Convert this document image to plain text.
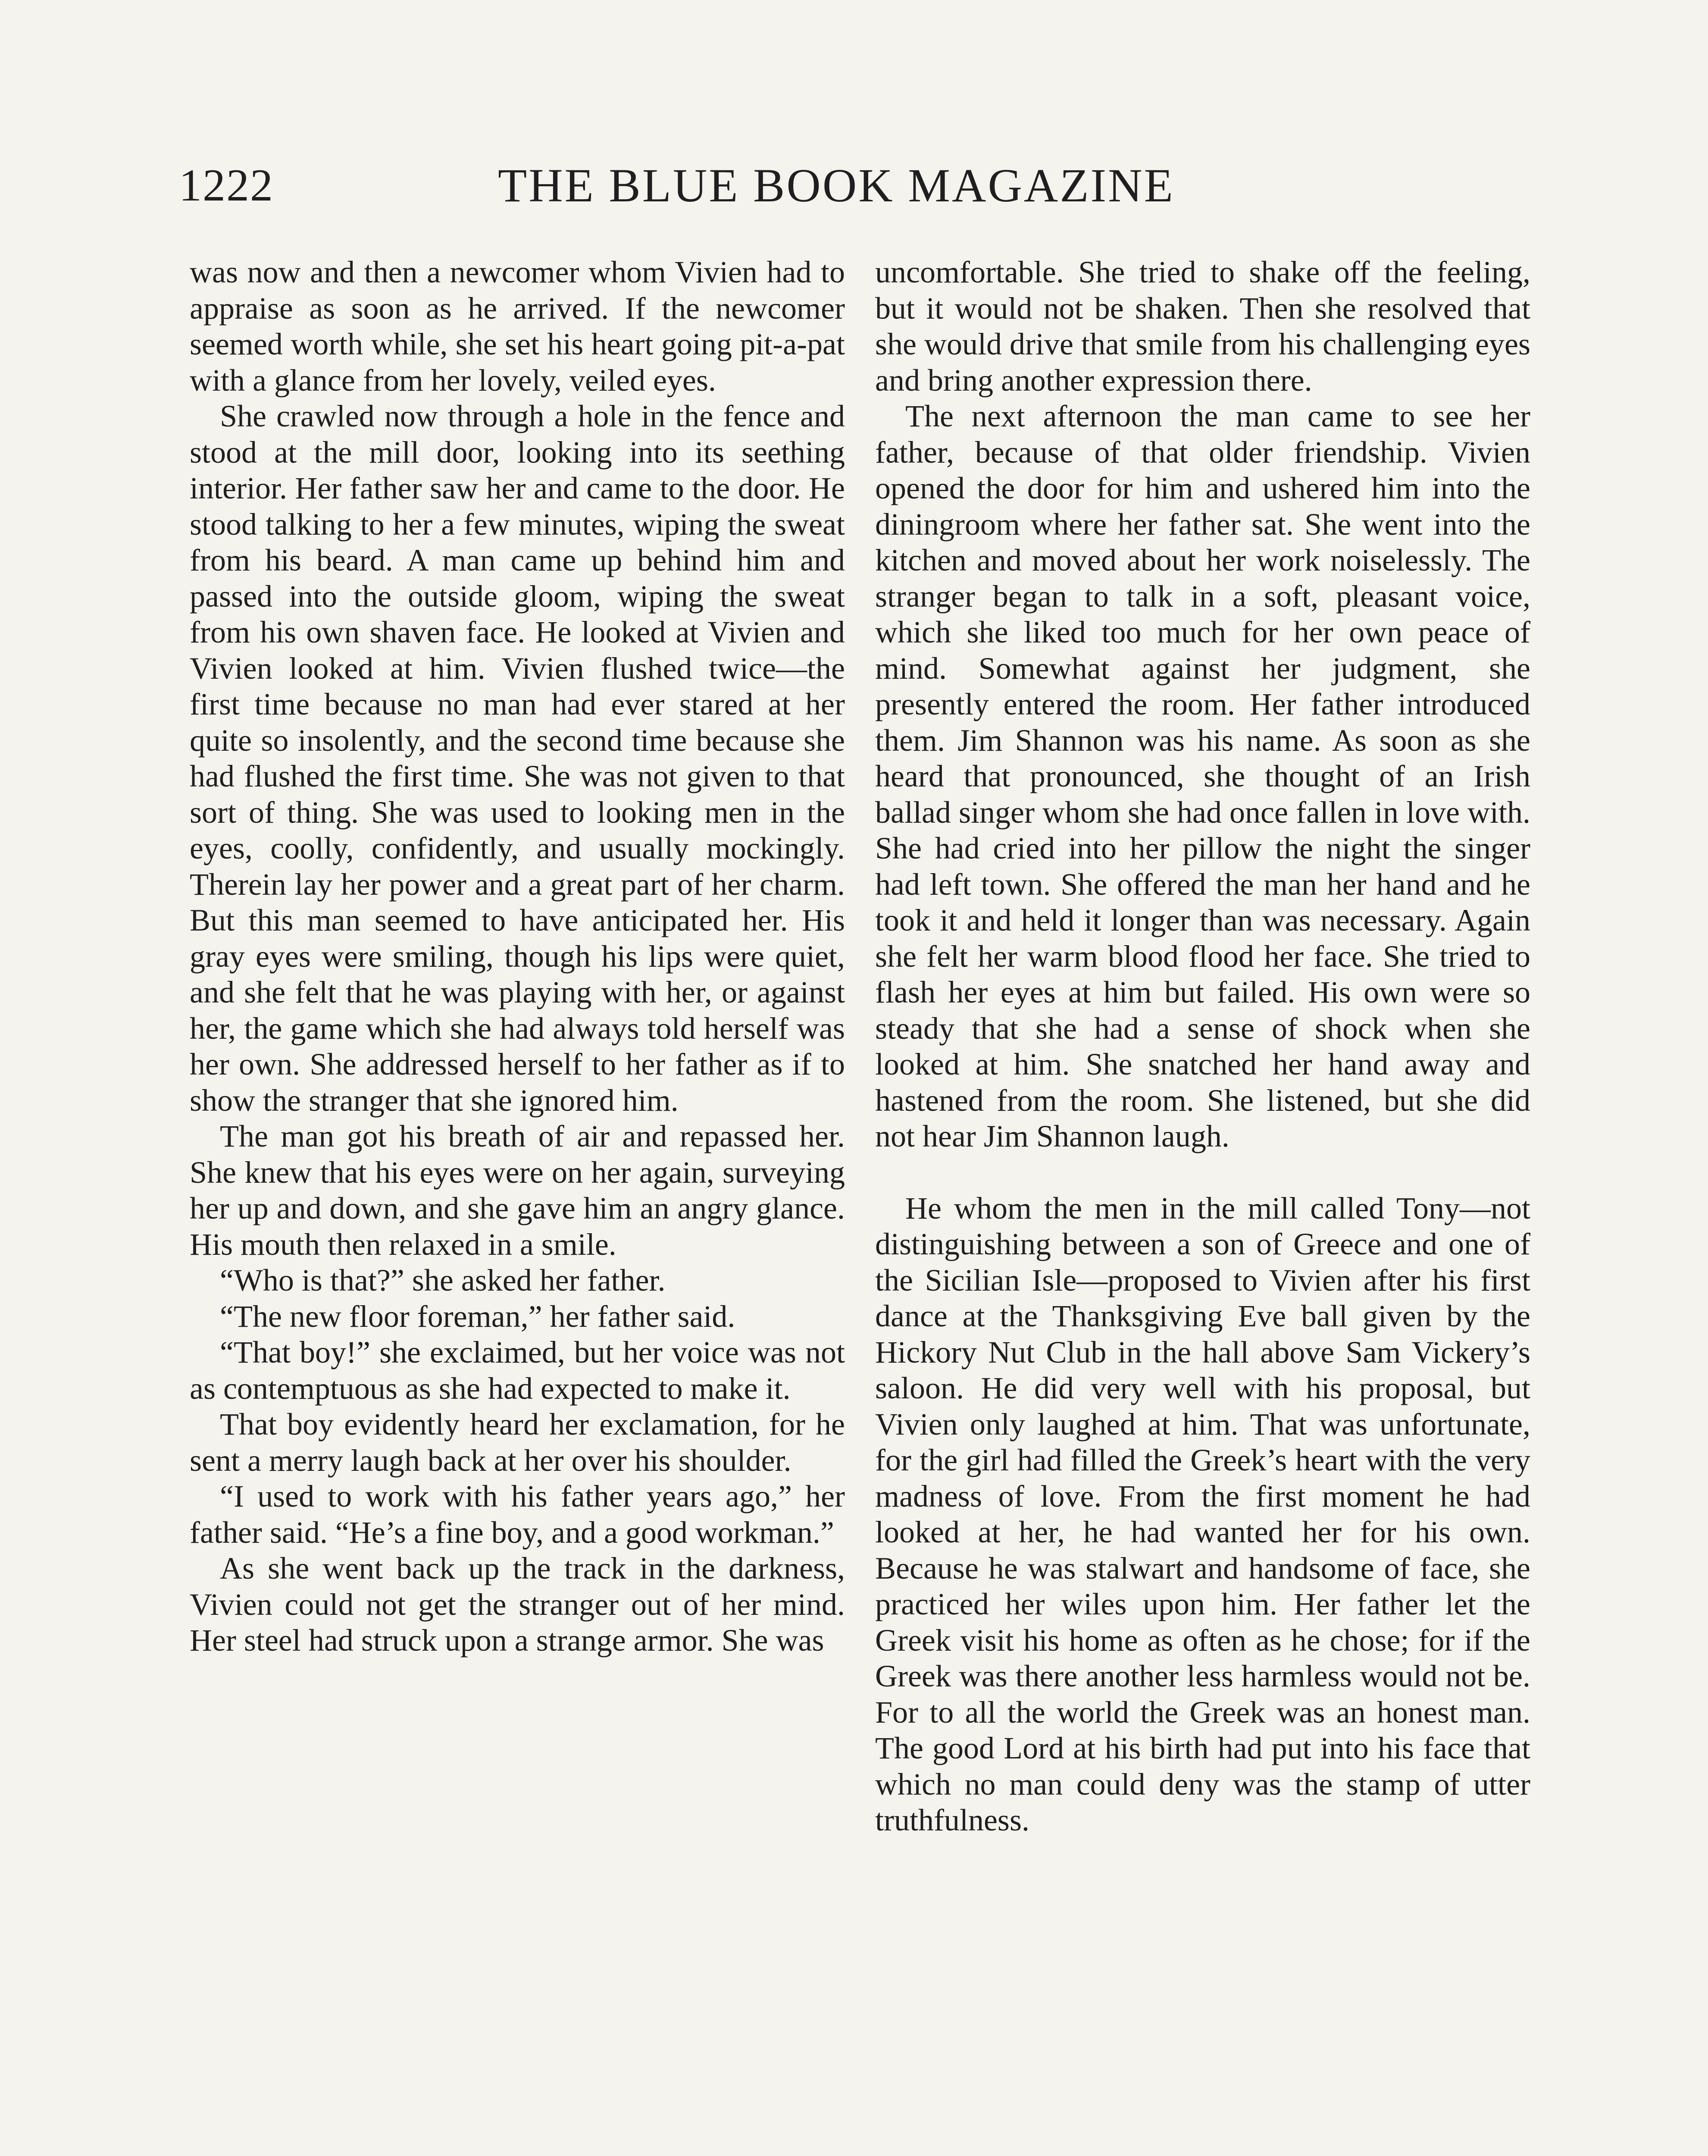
1222	THE BLUE BOOK MAGAZINE

was now and then a newcomer whom Vivien had to appraise as soon as he arrived. If the newcomer seemed worth while, she set his heart going pit-a-pat with a glance from her lovely, veiled eyes.

She crawled now through a hole in the fence and stood at the mill door, looking into its seething interior. Her father saw her and came to the door. He stood talking to her a few minutes, wiping the sweat from his beard. A man came up behind him and passed into the outside gloom, wiping the sweat from his own shaven face. He looked at Vivien and Vivien looked at him. Vivien flushed twice—the first time because no man had ever stared at her quite so insolently, and the second time because she had flushed the first time. She was not given to that sort of thing. She was used to looking men in the eyes, coolly, confidently, and usually mockingly. Therein lay her power and a great part of her charm. But this man seemed to have anticipated her. His gray eyes were smiling, though his lips were quiet, and she felt that he was playing with her, or against her, the game which she had always told herself was her own. She addressed herself to her father as if to show the stranger that she ignored him.

The man got his breath of air and repassed her. She knew that his eyes were on her again, surveying her up and down, and she gave him an angry glance. His mouth then relaxed in a smile.

“Who is that?” she asked her father.

“The new floor foreman,” her father said.

“That boy!” she exclaimed, but her voice was not as contemptuous as she had expected to make it.

That boy evidently heard her exclamation, for he sent a merry laugh back at her over his shoulder.

“I used to work with his father years ago,” her father said. “He’s a fine boy, and a good workman.”

As she went back up the track in the darkness, Vivien could not get the stranger out of her mind. Her steel had struck upon a strange armor. She was

uncomfortable. She tried to shake off the feeling, but it would not be shaken. Then she resolved that she would drive that smile from his challenging eyes and bring another expression there.

The next afternoon the man came to see her father, because of that older friendship. Vivien opened the door for him and ushered him into the diningroom where her father sat. She went into the kitchen and moved about her work noiselessly. The stranger began to talk in a soft, pleasant voice, which she liked too much for her own peace of mind. Somewhat against her judgment, she presently entered the room. Her father introduced them. Jim Shannon was his name. As soon as she heard that pronounced, she thought of an Irish ballad singer whom she had once fallen in love with. She had cried into her pillow the night the singer had left town. She offered the man her hand and he took it and held it longer than was necessary. Again she felt her warm blood flood her face. She tried to flash her eyes at him but failed. His own were so steady that she had a sense of shock when she looked at him. She snatched her hand away and hastened from the room. She listened, but she did not hear Jim Shannon laugh.

He whom the men in the mill called Tony—not distinguishing between a son of Greece and one of the Sicilian Isle—proposed to Vivien after his first dance at the Thanksgiving Eve ball given by the Hickory Nut Club in the hall above Sam Vickery’s saloon. He did very well with his proposal, but Vivien only laughed at him. That was unfortunate, for the girl had filled the Greek’s heart with the very madness of love. From the first moment he had looked at her, he had wanted her for his own. Because he was stalwart and handsome of face, she practiced her wiles upon him. Her father let the Greek visit his home as often as he chose; for if the Greek was there another less harmless would not be. For to all the world the Greek was an honest man. The good Lord at his birth had put into his face that which no man could deny was the stamp of utter truthfulness.
